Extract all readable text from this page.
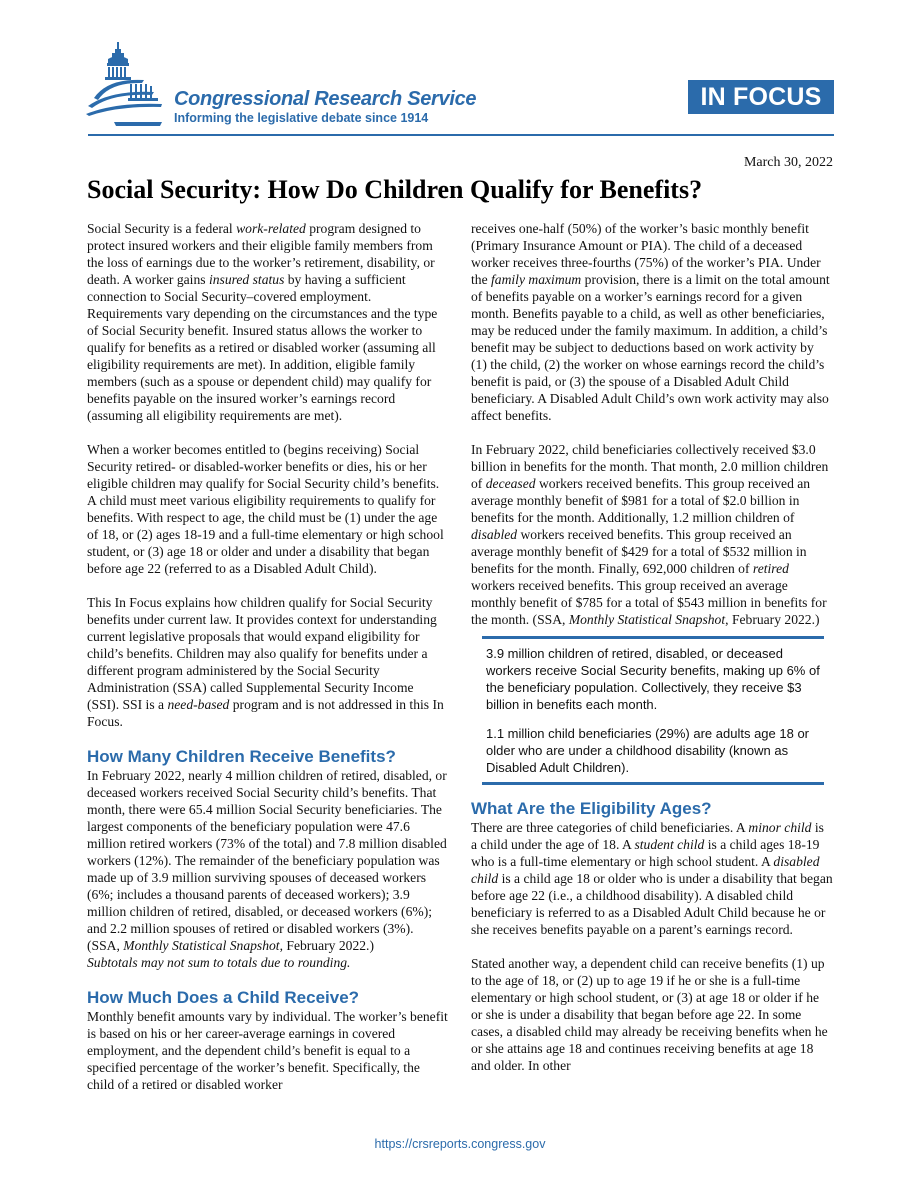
Congressional Research Service
Informing the legislative debate since 1914
IN FOCUS
March 30, 2022
Social Security: How Do Children Qualify for Benefits?

Social Security is a federal work-related program designed to protect insured workers and their eligible family members from the loss of earnings due to the worker’s retirement, disability, or death. A worker gains insured status by having a sufficient connection to Social Security–covered employment. Requirements vary depending on the circumstances and the type of Social Security benefit. Insured status allows the worker to qualify for benefits as a retired or disabled worker (assuming all eligibility requirements are met). In addition, eligible family members (such as a spouse or dependent child) may qualify for benefits payable on the insured worker’s earnings record (assuming all eligibility requirements are met).

When a worker becomes entitled to (begins receiving) Social Security retired- or disabled-worker benefits or dies, his or her eligible children may qualify for Social Security child’s benefits. A child must meet various eligibility requirements to qualify for benefits. With respect to age, the child must be (1) under the age of 18, or (2) ages 18-19 and a full-time elementary or high school student, or (3) age 18 or older and under a disability that began before age 22 (referred to as a Disabled Adult Child).

This In Focus explains how children qualify for Social Security benefits under current law. It provides context for understanding current legislative proposals that would expand eligibility for child’s benefits. Children may also qualify for benefits under a different program administered by the Social Security Administration (SSA) called Supplemental Security Income (SSI). SSI is a need-based program and is not addressed in this In Focus.

How Many Children Receive Benefits?

In February 2022, nearly 4 million children of retired, disabled, or deceased workers received Social Security child’s benefits. That month, there were 65.4 million Social Security beneficiaries. The largest components of the beneficiary population were 47.6 million retired workers (73% of the total) and 7.8 million disabled workers (12%). The remainder of the beneficiary population was made up of 3.9 million surviving spouses of deceased workers (6%; includes a thousand parents of deceased workers); 3.9 million children of retired, disabled, or deceased workers (6%); and 2.2 million spouses of retired or disabled workers (3%). (SSA, Monthly Statistical Snapshot, February 2022.)

Subtotals may not sum to totals due to rounding.

How Much Does a Child Receive?

Monthly benefit amounts vary by individual. The worker’s benefit is based on his or her career-average earnings in covered employment, and the dependent child’s benefit is equal to a specified percentage of the worker’s benefit. Specifically, the child of a retired or disabled worker

receives one-half (50%) of the worker’s basic monthly benefit (Primary Insurance Amount or PIA). The child of a deceased worker receives three-fourths (75%) of the worker’s PIA. Under the family maximum provision, there is a limit on the total amount of benefits payable on a worker’s earnings record for a given month. Benefits payable to a child, as well as other beneficiaries, may be reduced under the family maximum. In addition, a child’s benefit may be subject to deductions based on work activity by (1) the child, (2) the worker on whose earnings record the child’s benefit is paid, or (3) the spouse of a Disabled Adult Child beneficiary. A Disabled Adult Child’s own work activity may also affect benefits.

In February 2022, child beneficiaries collectively received $3.0 billion in benefits for the month. That month, 2.0 million children of deceased workers received benefits. This group received an average monthly benefit of $981 for a total of $2.0 billion in benefits for the month. Additionally, 1.2 million children of disabled workers received benefits. This group received an average monthly benefit of $429 for a total of $532 million in benefits for the month. Finally, 692,000 children of retired workers received benefits. This group received an average monthly benefit of $785 for a total of $543 million in benefits for the month. (SSA, Monthly Statistical Snapshot, February 2022.)

3.9 million children of retired, disabled, or deceased workers receive Social Security benefits, making up 6% of the beneficiary population. Collectively, they receive $3 billion in benefits each month.

1.1 million child beneficiaries (29%) are adults age 18 or older who are under a childhood disability (known as Disabled Adult Children).

What Are the Eligibility Ages?

There are three categories of child beneficiaries. A minor child is a child under the age of 18. A student child is a child ages 18-19 who is a full-time elementary or high school student. A disabled child is a child age 18 or older who is under a disability that began before age 22 (i.e., a childhood disability). A disabled child beneficiary is referred to as a Disabled Adult Child because he or she receives benefits payable on a parent’s earnings record.

Stated another way, a dependent child can receive benefits (1) up to the age of 18, or (2) up to age 19 if he or she is a full-time elementary or high school student, or (3) at age 18 or older if he or she is under a disability that began before age 22. In some cases, a disabled child may already be receiving benefits when he or she attains age 18 and continues receiving benefits at age 18 and older. In other

https://crsreports.congress.gov
